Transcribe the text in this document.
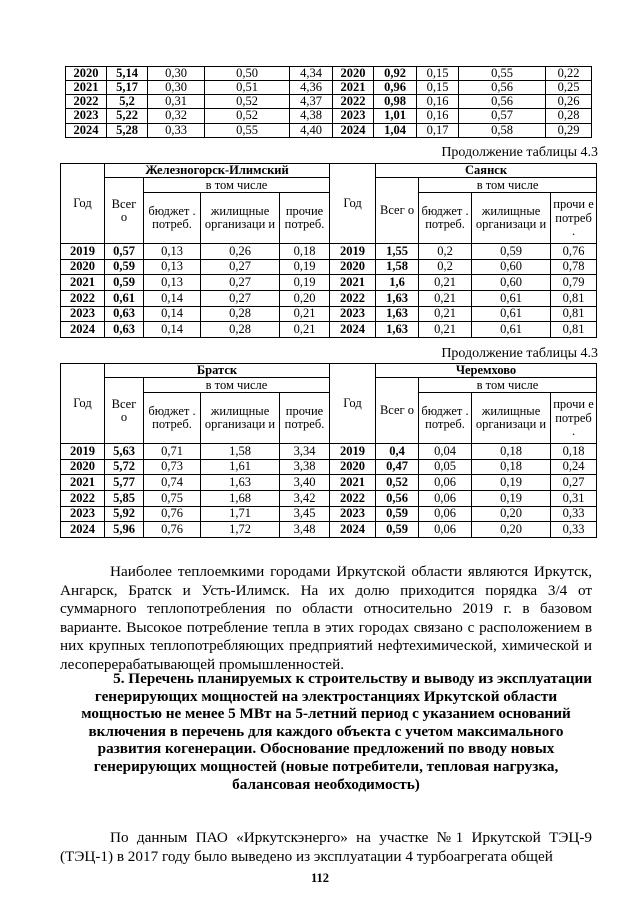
2020	5,14	0,30	0,50	4,34	2020	0,92	0,15	0,55	0,22
2021	5,17	0,30	0,51	4,36	2021	0,96	0,15	0,56	0,25
2022	5,2	0,31	0,52	4,37	2022	0,98	0,16	0,56	0,26
2023	5,22	0,32	0,52	4,38	2023	1,01	0,16	0,57	0,28
2024	5,28	0,33	0,55	4,40	2024	1,04	0,17	0,58	0,29
Продолжение таблицы 4.3
Год	Железногорск-Илимский				Год	Саянск			
	Всег о	в том числе				Всег о	в том числе		
		бюджет . потреб.	жилищные организаци и	прочие потреб.			бюджет . потреб.	жилищные организаци и	прочи е потреб .
2019	0,57	0,13	0,26	0,18	2019	1,55	0,2	0,59	0,76
2020	0,59	0,13	0,27	0,19	2020	1,58	0,2	0,60	0,78
2021	0,59	0,13	0,27	0,19	2021	1,6	0,21	0,60	0,79
2022	0,61	0,14	0,27	0,20	2022	1,63	0,21	0,61	0,81
2023	0,63	0,14	0,28	0,21	2023	1,63	0,21	0,61	0,81
2024	0,63	0,14	0,28	0,21	2024	1,63	0,21	0,61	0,81
Продолжение таблицы 4.3
Год	Братск				Год	Черемхово			
	Всег о	в том числе				Всег о	в том числе		
		бюджет . потреб.	жилищные организаци и	прочие потреб.			бюджет . потреб.	жилищные организаци и	прочи е потреб .
2019	5,63	0,71	1,58	3,34	2019	0,4	0,04	0,18	0,18
2020	5,72	0,73	1,61	3,38	2020	0,47	0,05	0,18	0,24
2021	5,77	0,74	1,63	3,40	2021	0,52	0,06	0,19	0,27
2022	5,85	0,75	1,68	3,42	2022	0,56	0,06	0,19	0,31
2023	5,92	0,76	1,71	3,45	2023	0,59	0,06	0,20	0,33
2024	5,96	0,76	1,72	3,48	2024	0,59	0,06	0,20	0,33

Наиболее теплоемкими городами Иркутской области являются Иркутск, Ангарск, Братск и Усть-Илимск. На их долю приходится порядка 3/4 от суммарного теплопотребления по области относительно 2019 г. в базовом варианте. Высокое потребление тепла в этих городах связано с расположением в них крупных теплопотребляющих предприятий нефтехимической, химической и лесоперерабатывающей промышленностей.

5. Перечень планируемых к строительству и выводу из эксплуатации
генерирующих мощностей на электростанциях Иркутской области мощностью не менее 5 МВт на 5-летний период с указанием оснований включения в перечень для каждого объекта с учетом максимального развития когенерации. Обоснование предложений по вводу новых генерирующих мощностей (новые потребители, тепловая нагрузка, балансовая необходимость)

По данным ПАО «Иркутскэнерго» на участке №1 Иркутской ТЭЦ-9 (ТЭЦ-1) в 2017 году было выведено из эксплуатации 4 турбоагрегата общей

112
